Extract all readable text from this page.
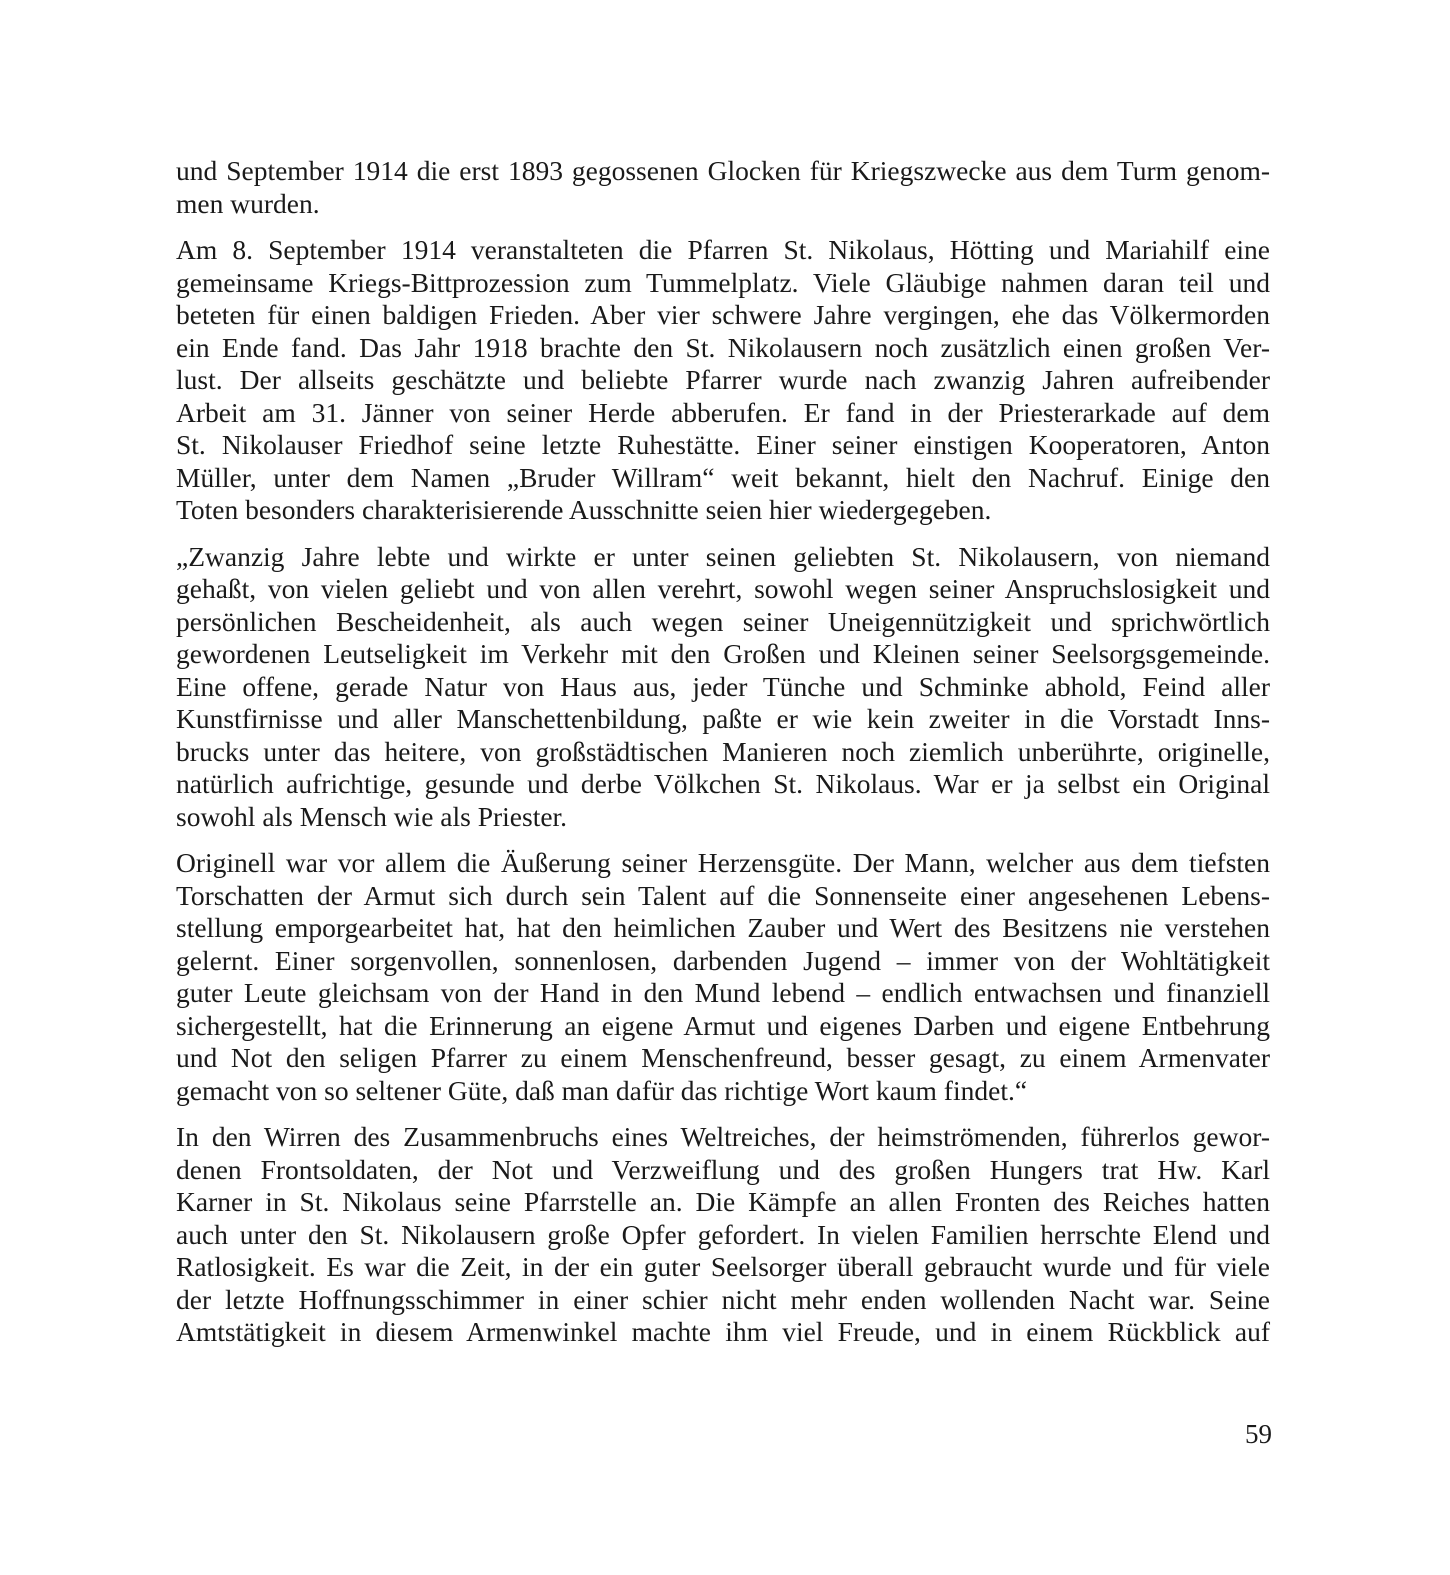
und September 1914 die erst 1893 gegossenen Glocken für Kriegszwecke aus dem Turm genom-
men wurden.

Am 8. September 1914 veranstalteten die Pfarren St. Nikolaus, Hötting und Mariahilf eine
gemeinsame Kriegs-Bittprozession zum Tummelplatz. Viele Gläubige nahmen daran teil und
beteten für einen baldigen Frieden. Aber vier schwere Jahre vergingen, ehe das Völkermorden
ein Ende fand. Das Jahr 1918 brachte den St. Nikolausern noch zusätzlich einen großen Ver-
lust. Der allseits geschätzte und beliebte Pfarrer wurde nach zwanzig Jahren aufreibender
Arbeit am 31. Jänner von seiner Herde abberufen. Er fand in der Priesterarkade auf dem
St. Nikolauser Friedhof seine letzte Ruhestätte. Einer seiner einstigen Kooperatoren, Anton
Müller, unter dem Namen „Bruder Willram“ weit bekannt, hielt den Nachruf. Einige den
Toten besonders charakterisierende Ausschnitte seien hier wiedergegeben.

„Zwanzig Jahre lebte und wirkte er unter seinen geliebten St. Nikolausern, von niemand
gehaßt, von vielen geliebt und von allen verehrt, sowohl wegen seiner Anspruchslosigkeit und
persönlichen Bescheidenheit, als auch wegen seiner Uneigennützigkeit und sprichwörtlich
gewordenen Leutseligkeit im Verkehr mit den Großen und Kleinen seiner Seelsorgsgemeinde.
Eine offene, gerade Natur von Haus aus, jeder Tünche und Schminke abhold, Feind aller
Kunstfirnisse und aller Manschettenbildung, paßte er wie kein zweiter in die Vorstadt Inns-
brucks unter das heitere, von großstädtischen Manieren noch ziemlich unberührte, originelle,
natürlich aufrichtige, gesunde und derbe Völkchen St. Nikolaus. War er ja selbst ein Original
sowohl als Mensch wie als Priester.

Originell war vor allem die Äußerung seiner Herzensgüte. Der Mann, welcher aus dem tiefsten
Torschatten der Armut sich durch sein Talent auf die Sonnenseite einer angesehenen Lebens-
stellung emporgearbeitet hat, hat den heimlichen Zauber und Wert des Besitzens nie verstehen
gelernt. Einer sorgenvollen, sonnenlosen, darbenden Jugend – immer von der Wohltätigkeit
guter Leute gleichsam von der Hand in den Mund lebend – endlich entwachsen und finanziell
sichergestellt, hat die Erinnerung an eigene Armut und eigenes Darben und eigene Entbehrung
und Not den seligen Pfarrer zu einem Menschenfreund, besser gesagt, zu einem Armenvater
gemacht von so seltener Güte, daß man dafür das richtige Wort kaum findet.“

In den Wirren des Zusammenbruchs eines Weltreiches, der heimströmenden, führerlos gewor-
denen Frontsoldaten, der Not und Verzweiflung und des großen Hungers trat Hw. Karl
Karner in St. Nikolaus seine Pfarrstelle an. Die Kämpfe an allen Fronten des Reiches hatten
auch unter den St. Nikolausern große Opfer gefordert. In vielen Familien herrschte Elend und
Ratlosigkeit. Es war die Zeit, in der ein guter Seelsorger überall gebraucht wurde und für viele
der letzte Hoffnungsschimmer in einer schier nicht mehr enden wollenden Nacht war. Seine
Amtstätigkeit in diesem Armenwinkel machte ihm viel Freude, und in einem Rückblick auf

59
